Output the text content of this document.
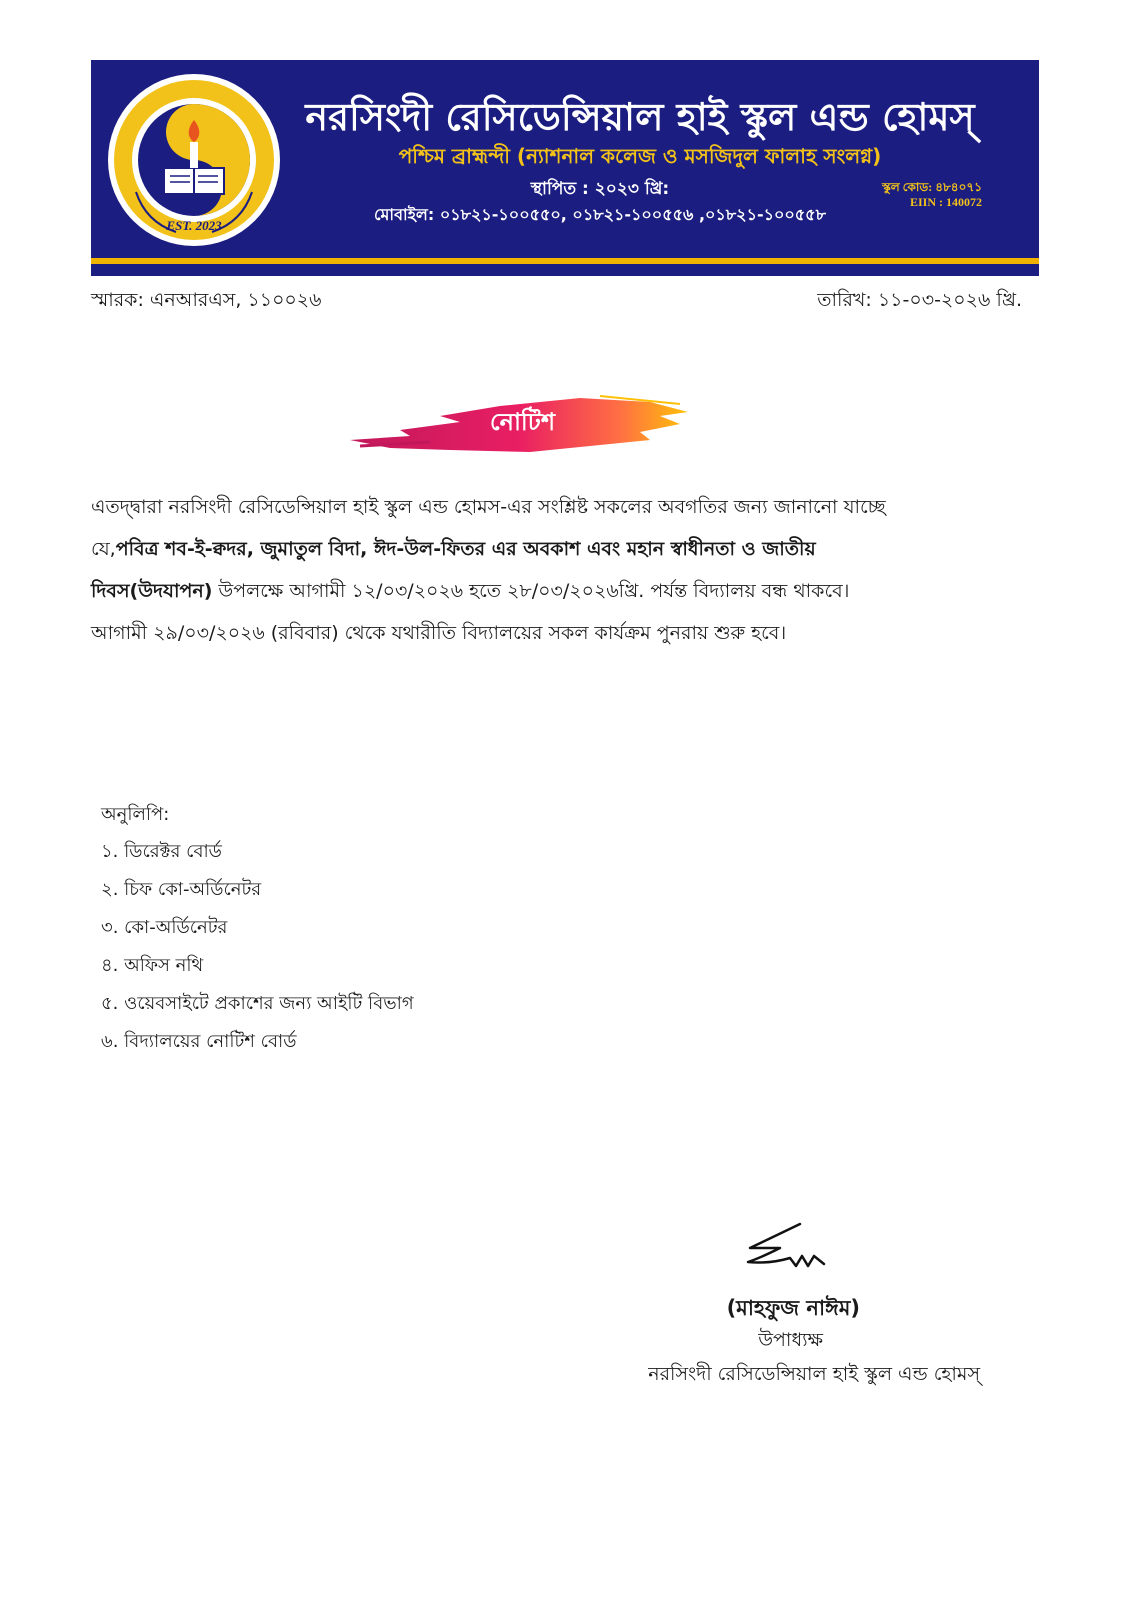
EST. 2023
নরসিংদী রেসিডেন্সিয়াল হাই স্কুল এন্ড হোমস্
পশ্চিম ব্রাহ্মন্দী (ন্যাশনাল কলেজ ও মসজিদুল ফালাহ সংলগ্ন)
স্থাপিত : ২০২৩ খ্রি:
মোবাইল: ০১৮২১-১০০৫৫০, ০১৮২১-১০০৫৫৬ ,০১৮২১-১০০৫৫৮
স্কুল কোড: ৪৮৪০৭১
EIIN : 140072
স্মারক: এনআরএস, ১১০০২৬	তারিখ: ১১-০৩-২০২৬ খ্রি.
নোটিশ
এতদ্দ্বারা নরসিংদী রেসিডেন্সিয়াল হাই স্কুল এন্ড হোমস-এর সংশ্লিষ্ট সকলের অবগতির জন্য জানানো যাচ্ছে
যে,পবিত্র শব-ই-ক্বদর, জুমাতুল বিদা, ঈদ-উল-ফিতর এর অবকাশ এবং মহান স্বাধীনতা ও জাতীয়
দিবস(উদযাপন) উপলক্ষে আগামী ১২/০৩/২০২৬ হতে ২৮/০৩/২০২৬খ্রি. পর্যন্ত বিদ্যালয় বন্ধ থাকবে।
আগামী ২৯/০৩/২০২৬ (রবিবার) থেকে যথারীতি বিদ্যালয়ের সকল কার্যক্রম পুনরায় শুরু হবে।
অনুলিপি:
১. ডিরেক্টর বোর্ড
২. চিফ কো-অর্ডিনেটর
৩. কো-অর্ডিনেটর
৪. অফিস নথি
৫. ওয়েবসাইটে প্রকাশের জন্য আইটি বিভাগ
৬. বিদ্যালয়ের নোটিশ বোর্ড
(মাহফুজ নাঈম)
উপাধ্যক্ষ
নরসিংদী রেসিডেন্সিয়াল হাই স্কুল এন্ড হোমস্
